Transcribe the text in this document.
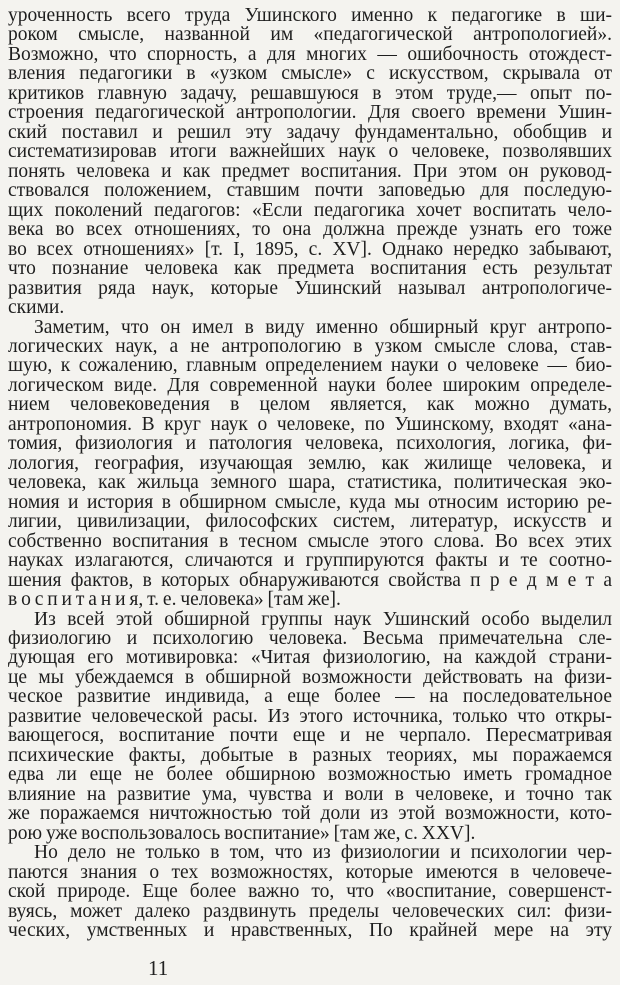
уроченность всего труда Ушинского именно к педагогике в ши-
роком смысле, названной им «педагогической антропологией».
Возможно, что спорность, а для многих — ошибочность отождест-
вления педагогики в «узком смысле» с искусством, скрывала от
критиков главную задачу, решавшуюся в этом труде,— опыт по-
строения педагогической антропологии. Для своего времени Ушин-
ский поставил и решил эту задачу фундаментально, обобщив и
систематизировав итоги важнейших наук о человеке, позволявших
понять человека и как предмет воспитания. При этом он руковод-
ствовался положением, ставшим почти заповедью для последую-
щих поколений педагогов: «Если педагогика хочет воспитать чело-
века во всех отношениях, то она должна прежде узнать его тоже
во всех отношениях» [т. I, 1895, с. XV]. Однако нередко забывают,
что познание человека как предмета воспитания есть результат
развития ряда наук, которые Ушинский называл антропологиче-
скими.
Заметим, что он имел в виду именно обширный круг антропо-
логических наук, а не антропологию в узком смысле слова, став-
шую, к сожалению, главным определением науки о человеке — био-
логическом виде. Для современной науки более широким определе-
нием человековедения в целом является, как можно думать,
антропономия. В круг наук о человеке, по Ушинскому, входят «ана-
томия, физиология и патология человека, психология, логика, фи-
лология, география, изучающая землю, как жилище человека, и
человека, как жильца земного шара, статистика, политическая эко-
номия и история в обширном смысле, куда мы относим историю ре-
лигии, цивилизации, философских систем, литератур, искусств и
собственно воспитания в тесном смысле этого слова. Во всех этих
науках излагаются, сличаются и группируются факты и те соотно-
шения фактов, в которых обнаруживаются свойства п р е д м е т а
в о с п и т а н и я, т. е. человека» [там же].
Из всей этой обширной группы наук Ушинский особо выделил
физиологию и психологию человека. Весьма примечательна сле-
дующая его мотивировка: «Читая физиологию, на каждой страни-
це мы убеждаемся в обширной возможности действовать на физи-
ческое развитие индивида, а еще более — на последовательное
развитие человеческой расы. Из этого источника, только что откры-
вающегося, воспитание почти еще и не черпало. Пересматривая
психические факты, добытые в разных теориях, мы поражаемся
едва ли еще не более обширною возможностью иметь громадное
влияние на развитие ума, чувства и воли в человеке, и точно так
же поражаемся ничтожностью той доли из этой возможности, кото-
рою уже воспользовалось воспитание» [там же, с. XXV].
Но дело не только в том, что из физиологии и психологии чер-
паются знания о тех возможностях, которые имеются в человече-
ской природе. Еще более важно то, что «воспитание, совершенст-
вуясь, может далеко раздвинуть пределы человеческих сил: физи-
ческих, умственных и нравственных, По крайней мере на эту
11
